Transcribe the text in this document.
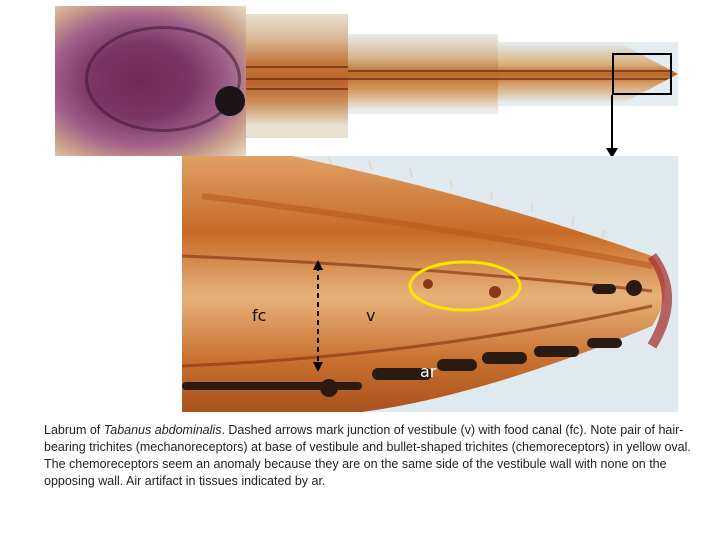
fc	v
ar
Labrum of Tabanus abdominalis. Dashed arrows mark junction of vestibule (v) with food canal (fc). Note pair of hair-bearing trichites (mechanoreceptors) at base of vestibule and bullet-shaped trichites (chemoreceptors) in yellow oval. The chemoreceptors seem an anomaly because they are on the same side of the vestibule wall with none on the opposing wall. Air artifact in tissues indicated by ar.
